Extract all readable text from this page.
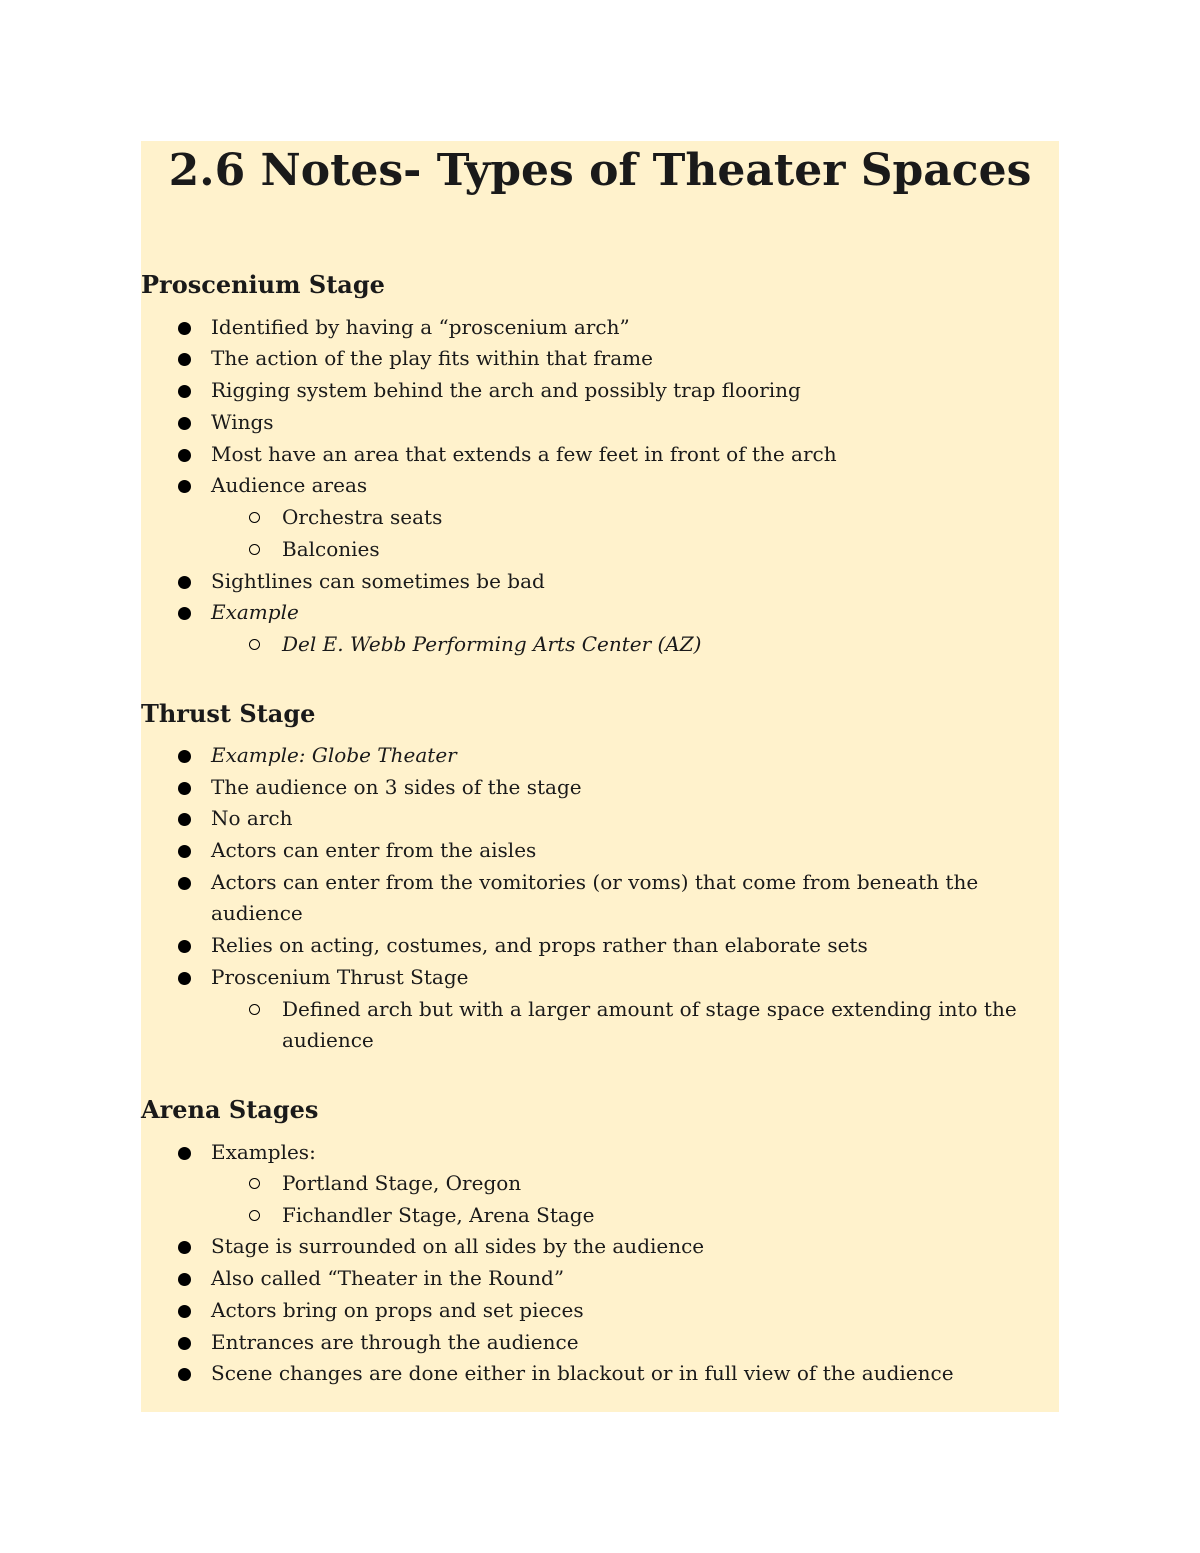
2.6 Notes- Types of Theater Spaces
Proscenium Stage
Identified by having a “proscenium arch”
The action of the play fits within that frame
Rigging system behind the arch and possibly trap flooring
Wings
Most have an area that extends a few feet in front of the arch
Audience areas
Orchestra seats
Balconies
Sightlines can sometimes be bad
Example
Del E. Webb Performing Arts Center (AZ)
Thrust Stage
Example: Globe Theater
The audience on 3 sides of the stage
No arch
Actors can enter from the aisles
Actors can enter from the vomitories (or voms) that come from beneath the
audience
Relies on acting, costumes, and props rather than elaborate sets
Proscenium Thrust Stage
Defined arch but with a larger amount of stage space extending into the
audience
Arena Stages
Examples:
Portland Stage, Oregon
Fichandler Stage, Arena Stage
Stage is surrounded on all sides by the audience
Also called “Theater in the Round”
Actors bring on props and set pieces
Entrances are through the audience
Scene changes are done either in blackout or in full view of the audience
